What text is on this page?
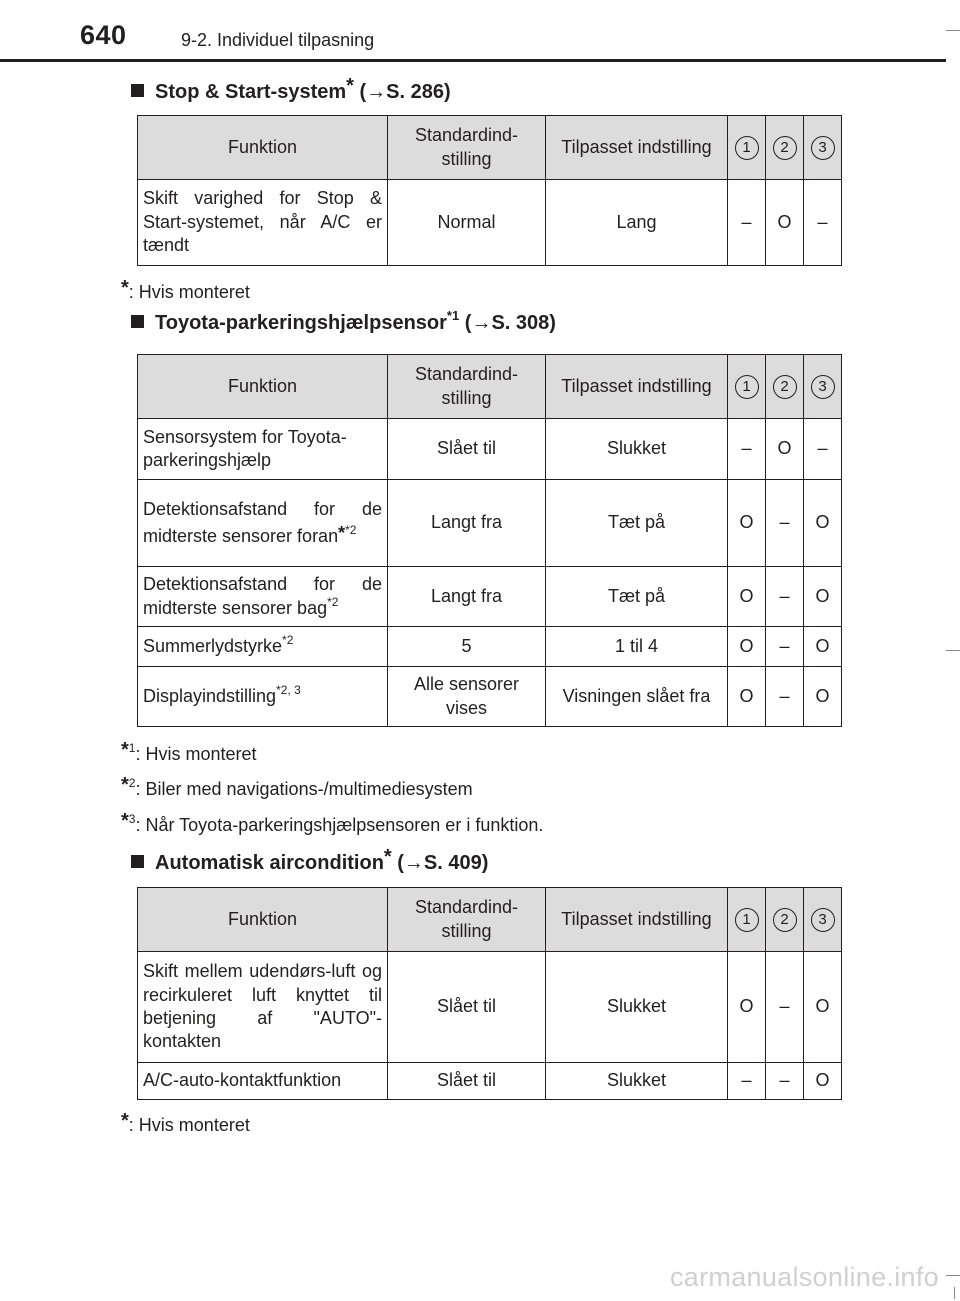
640	9-2. Individuel tilpasning
Stop & Start-system* (→S. 286)
Funktion	Standardind-stilling	Tilpasset indstilling	1	2	3
Skift varighed for Stop & Start-systemet, når A/C er tændt	Normal	Lang	–	O	–
*: Hvis monteret
Toyota-parkeringshjælpsensor$^{*1}$ (→S. 308)
Funktion	Standardind-stilling	Tilpasset indstilling	1	2	3
Sensorsystem for Toyota-parkeringshjælp	Slået til	Slukket	–	O	–
Detektionsafstand for de midterste sensorer foran*$^{*2}$	Langt fra	Tæt på	O	–	O
Detektionsafstand for de midterste sensorer bag$^{*2}$	Langt fra	Tæt på	O	–	O
Summerlydstyrke$^{*2}$	5	1 til 4	O	–	O
Displayindstilling$^{*2, 3}$	Alle sensorer vises	Visningen slået fra	O	–	O
*$^1$: Hvis monteret
*$^2$: Biler med navigations-/multimediesystem
*$^3$: Når Toyota-parkeringshjælpsensoren er i funktion.
Automatisk aircondition* (→S. 409)
Funktion	Standardind-stilling	Tilpasset indstilling	1	2	3
Skift mellem udendørs-luft og recirkuleret luft knyttet til betjening af "AUTO"-kontakten	Slået til	Slukket	O	–	O
A/C-auto-kontaktfunktion	Slået til	Slukket	–	–	O
*: Hvis monteret
carmanualsonline.info
